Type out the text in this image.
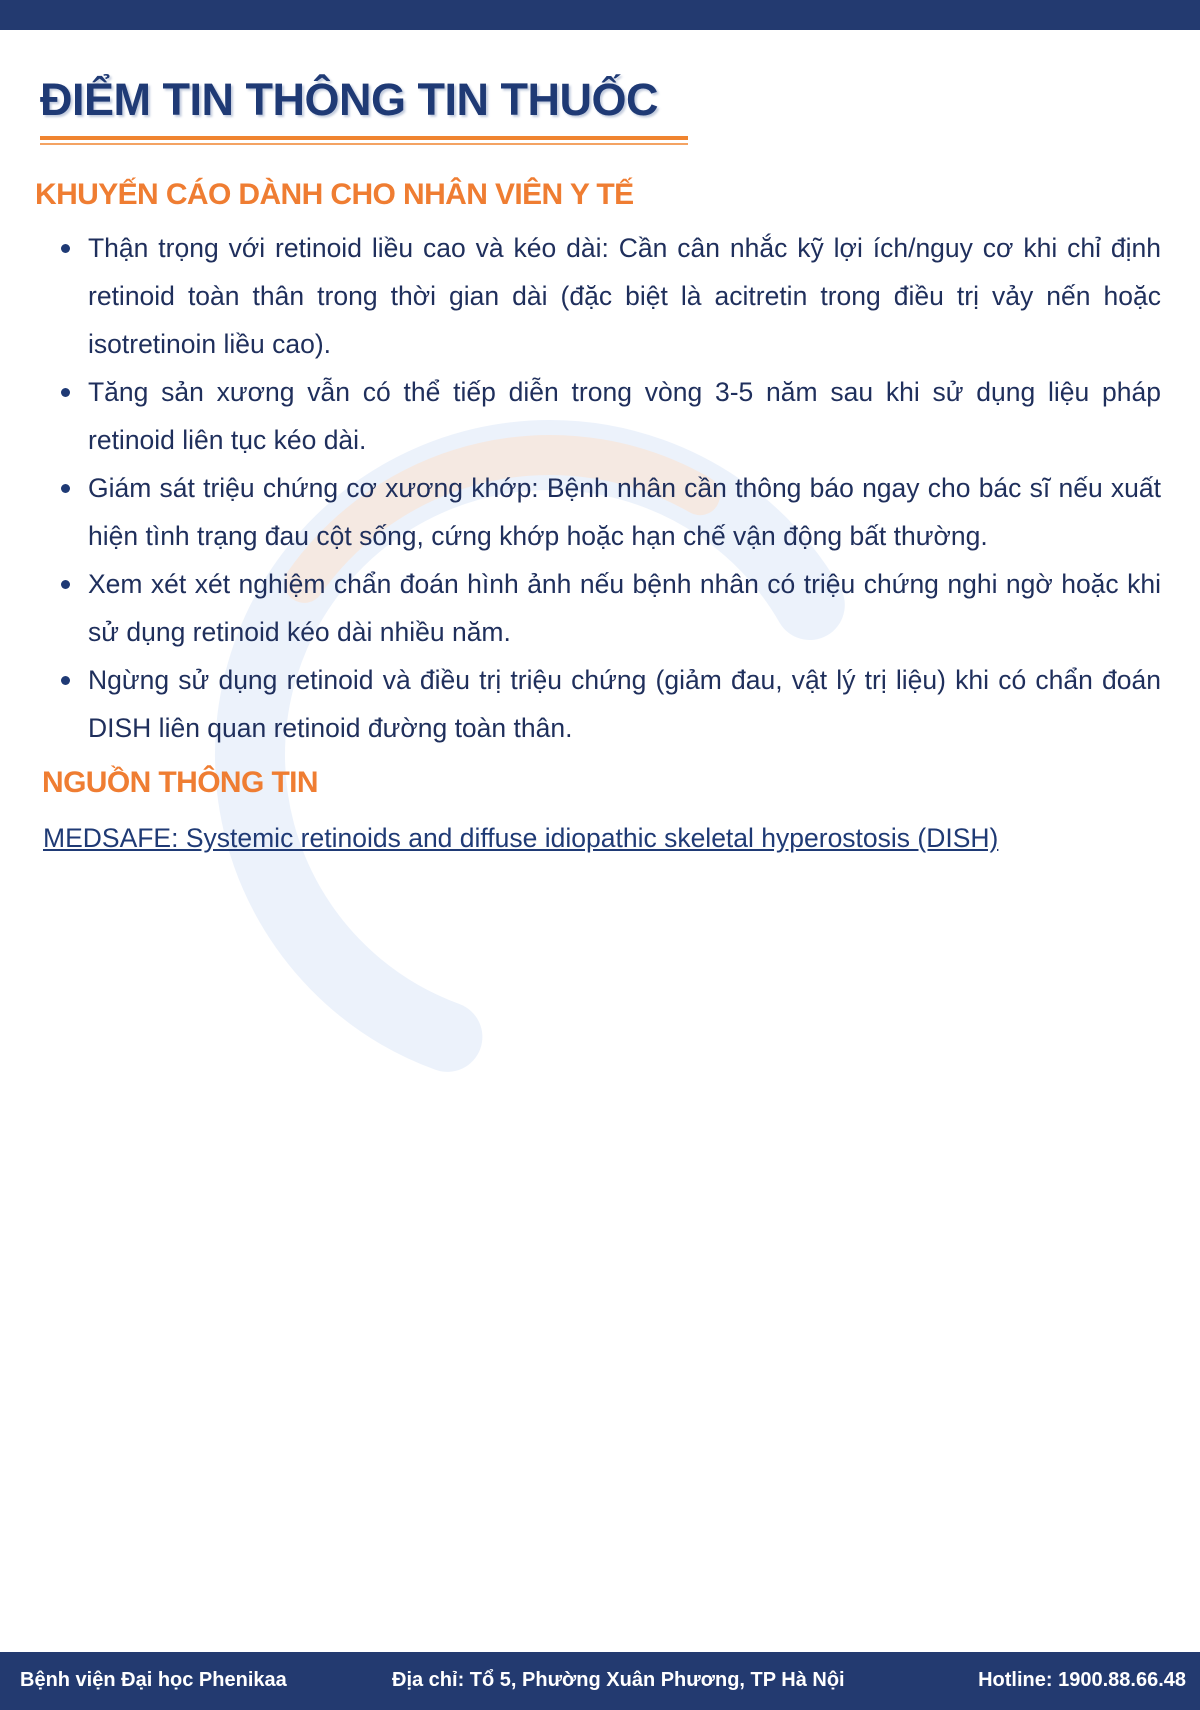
ĐIỂM TIN THÔNG TIN THUỐC
KHUYẾN CÁO DÀNH CHO NHÂN VIÊN Y TẾ
Thận trọng với retinoid liều cao và kéo dài: Cần cân nhắc kỹ lợi ích/nguy cơ khi chỉ định retinoid toàn thân trong thời gian dài (đặc biệt là acitretin trong điều trị vảy nến hoặc isotretinoin liều cao).
Tăng sản xương vẫn có thể tiếp diễn trong vòng 3-5 năm sau khi sử dụng liệu pháp retinoid liên tục kéo dài.
Giám sát triệu chứng cơ xương khớp: Bệnh nhân cần thông báo ngay cho bác sĩ nếu xuất hiện tình trạng đau cột sống, cứng khớp hoặc hạn chế vận động bất thường.
Xem xét xét nghiệm chẩn đoán hình ảnh nếu bệnh nhân có triệu chứng nghi ngờ hoặc khi sử dụng retinoid kéo dài nhiều năm.
Ngừng sử dụng retinoid và điều trị triệu chứng (giảm đau, vật lý trị liệu) khi có chẩn đoán DISH liên quan retinoid đường toàn thân.
NGUỒN THÔNG TIN
MEDSAFE: Systemic retinoids and diffuse idiopathic skeletal hyperostosis (DISH)
Bệnh viện Đại học Phenikaa	Địa chỉ: Tổ 5, Phường Xuân Phương, TP Hà Nội	Hotline: 1900.88.66.48
